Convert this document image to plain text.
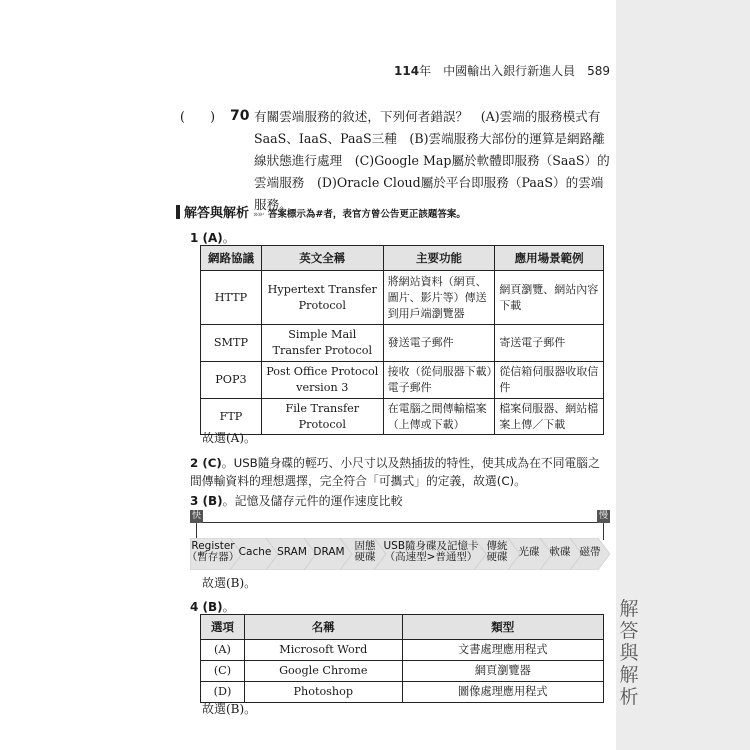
解答與解析
114年　中國輸出入銀行新進人員 589
(　　)	70 有關雲端服務的敘述，下列何者錯誤？　(A)雲端的服務模式有SaaS、IaaS、PaaS三種　(B)雲端服務大部份的運算是網路離線狀態進行處理　(C)Google Map屬於軟體即服務（SaaS）的雲端服務　(D)Oracle Cloud屬於平台即服務（PaaS）的雲端服務。
解答與解析 »»· 答案標示為#者，表官方曾公告更正該題答案。
1 (A)。
網路協議	英文全稱	主要功能	應用場景範例
HTTP	Hypertext Transfer Protocol	將網站資料（網頁、圖片、影片等）傳送到用戶端瀏覽器	網頁瀏覽、網站內容下載
SMTP	Simple Mail Transfer Protocol	發送電子郵件	寄送電子郵件
POP3	Post Office Protocol version 3	接收（從伺服器下載）電子郵件	從信箱伺服器收取信件
FTP	File Transfer Protocol	在電腦之間傳輸檔案（上傳或下載）	檔案伺服器、網站檔案上傳／下載
故選(A)。
2 (C)。USB隨身碟的輕巧、小尺寸以及熱插拔的特性，使其成為在不同電腦之間傳輸資料的理想選擇，完全符合「可攜式」的定義，故選(C)。
3 (B)。記憶及儲存元件的運作速度比較
快	慢
Register
（暫存器） Cache SRAM DRAM 固態
硬碟
USB隨身碟及記憶卡
（高速型>普通型）
傳統
硬碟	光碟 軟碟 磁帶
故選(B)。
4 (B)。
選項	名稱	類型
(A)	Microsoft Word	文書處理應用程式
(C)	Google Chrome	網頁瀏覽器
(D)	Photoshop	圖像處理應用程式
故選(B)。
